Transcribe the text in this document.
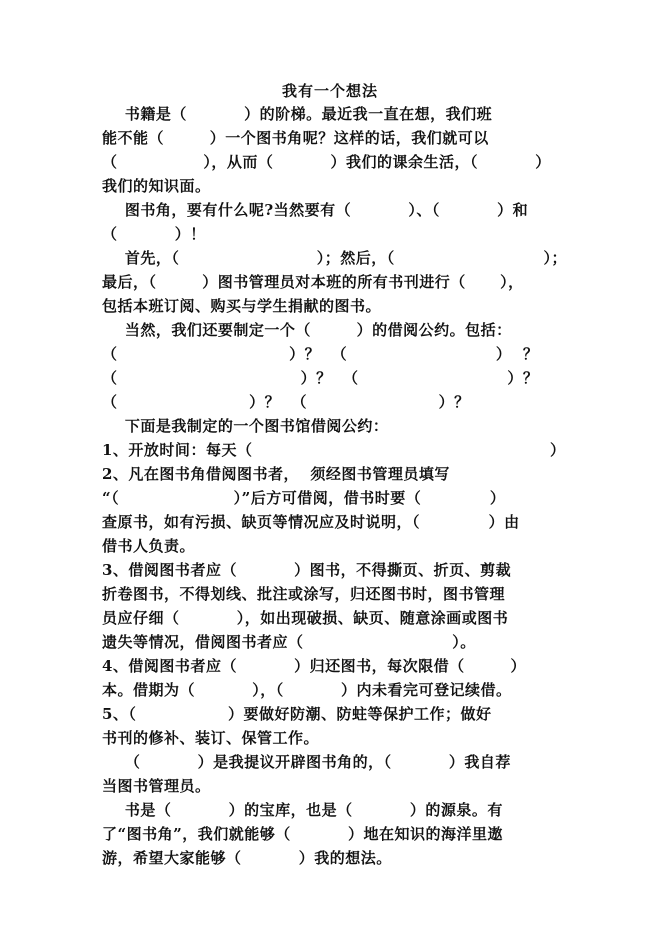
我有一个想法
书籍是（          ）的阶梯。最近我一直在想，我们班
能不能（        ）一个图书角呢？这样的话，我们就可以
（               ），从而（          ）我们的课余生活，（          ）
我们的知识面。
图书角，要有什么呢?当然要有（          ）、（          ）和
（          ）！
首先，（                        ）；然后，（                          ）；
最后，（        ）图书管理员对本班的所有书刊进行（      ），
包括本班订阅、购买与学生捐献的图书。
当然，我们还要制定一个（        ）的借阅公约。包括：
（                              ）？  （                          ）  ？
（                                ）？  （                          ）？
（                       ）？  （                       ）？
下面是我制定的一个图书馆借阅公约：
1、开放时间：每天（                                                    ）
2、凡在图书角借阅图书者，  须经图书管理员填写
“（                    ）”后方可借阅，借书时要（            ）
查原书，如有污损、缺页等情况应及时说明，（            ）由
借书人负责。
3、借阅图书者应（          ）图书，不得撕页、折页、剪裁
折卷图书，不得划线、批注或涂写，归还图书时，图书管理
员应仔细（          ），如出现破损、缺页、随意涂画或图书
遗失等情况，借阅图书者应（                          ）。
4、借阅图书者应（          ）归还图书，每次限借（        ）
本。借期为（          ），（          ）内未看完可登记续借。
5、（                ）要做好防潮、防蛀等保护工作；做好
书刊的修补、装订、保管工作。
（          ）是我提议开辟图书角的，（          ）我自荐
当图书管理员。
书是（          ）的宝库，也是（          ）的源泉。有
了“图书角”，我们就能够（          ）地在知识的海洋里遨
游，希望大家能够（          ）我的想法。
